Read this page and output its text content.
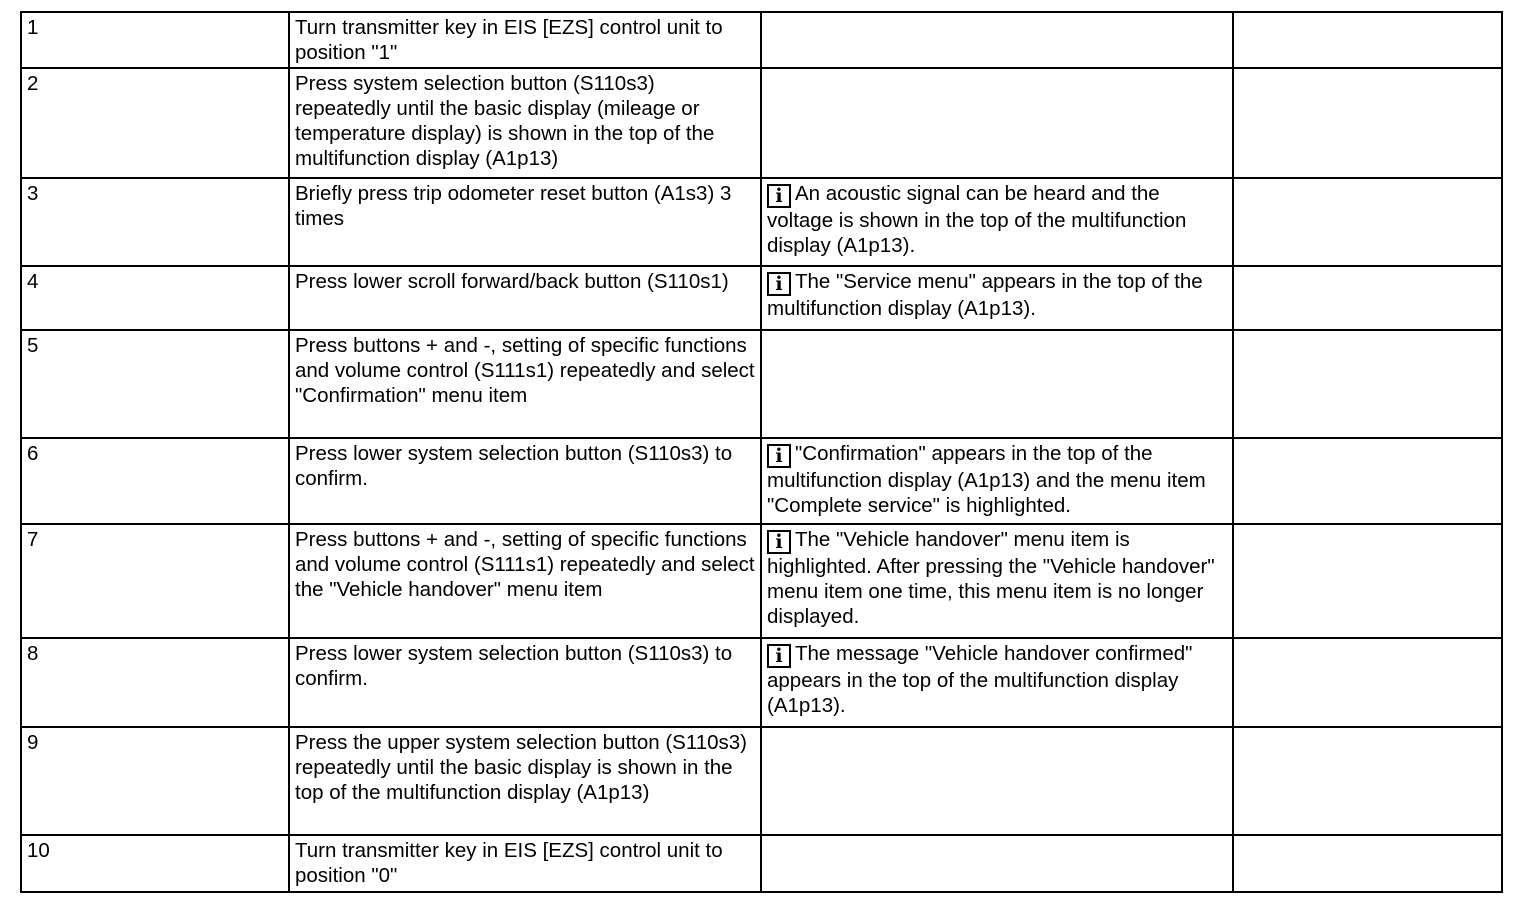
1	Turn transmitter key in EIS [EZS] control unit to position "1"		
2	Press system selection button (S110s3) repeatedly until the basic display (mileage or temperature display) is shown in the top of the multifunction display (A1p13)		
3	Briefly press trip odometer reset button (A1s3) 3 times	i An acoustic signal can be heard and the voltage is shown in the top of the multifunction display (A1p13).	
4	Press lower scroll forward/back button (S110s1)	i The "Service menu" appears in the top of the multifunction display (A1p13).	
5	Press buttons + and -, setting of specific functions and volume control (S111s1) repeatedly and select "Confirmation" menu item		
6	Press lower system selection button (S110s3) to confirm.	i "Confirmation" appears in the top of the multifunction display (A1p13) and the menu item "Complete service" is highlighted.	
7	Press buttons + and -, setting of specific functions and volume control (S111s1) repeatedly and select the "Vehicle handover" menu item	i The "Vehicle handover" menu item is highlighted. After pressing the "Vehicle handover" menu item one time, this menu item is no longer displayed.	
8	Press lower system selection button (S110s3) to confirm.	i The message "Vehicle handover confirmed" appears in the top of the multifunction display (A1p13).	
9	Press the upper system selection button (S110s3) repeatedly until the basic display is shown in the top of the multifunction display (A1p13)		
10	Turn transmitter key in EIS [EZS] control unit to position "0"		
